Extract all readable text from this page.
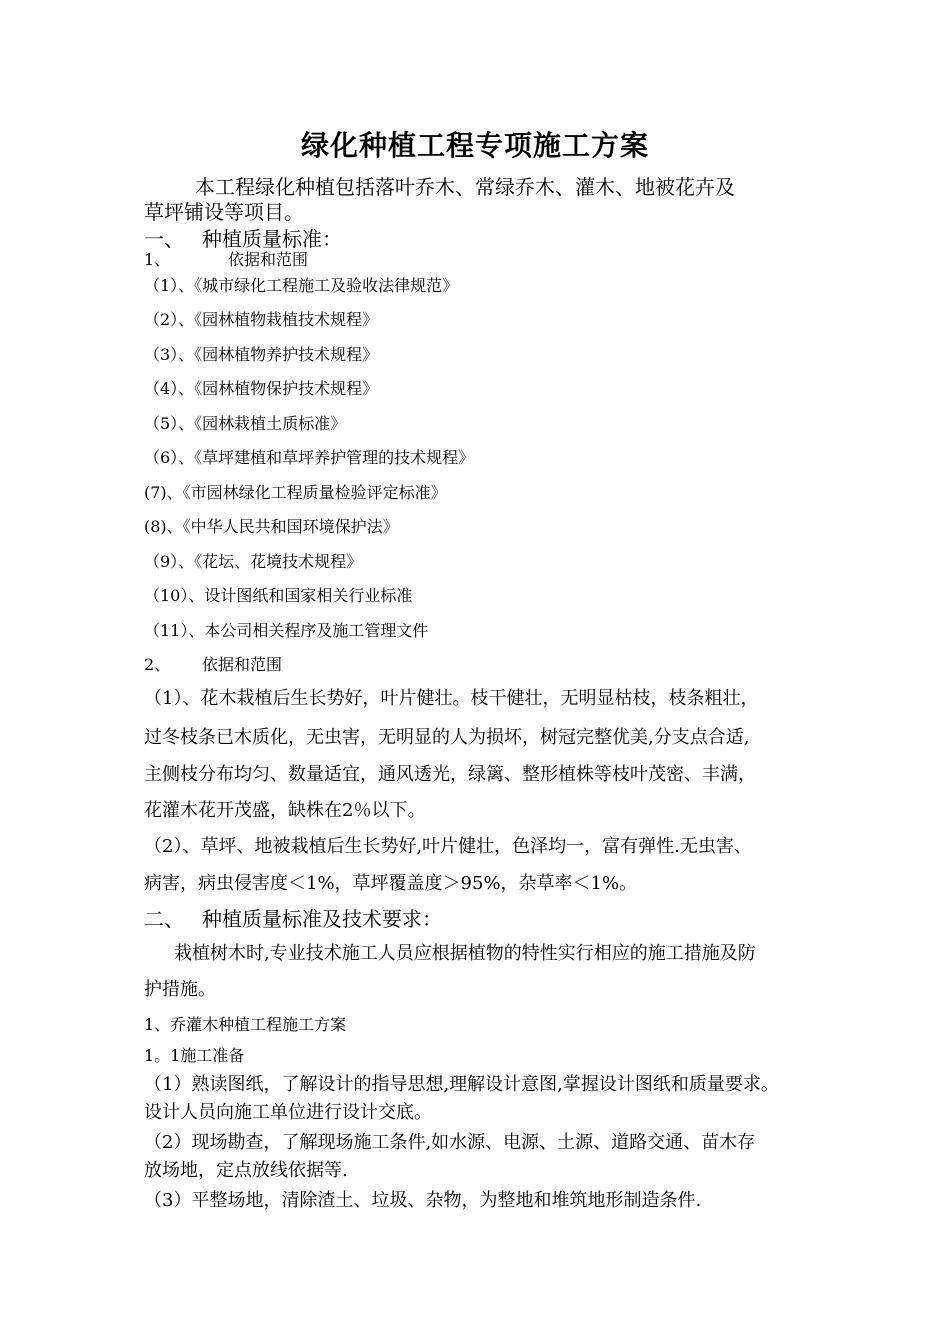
绿化种植工程专项施工方案
本工程绿化种植包括落叶乔木、常绿乔木、灌木、地被花卉及
草坪铺设等项目。
一、 种植质量标准：
1、	依据和范围
（1）、《城市绿化工程施工及验收法律规范》
（2）、《园林植物栽植技术规程》
（3）、《园林植物养护技术规程》
（4）、《园林植物保护技术规程》
（5）、《园林栽植土质标准》
（6）、《草坪建植和草坪养护管理的技术规程》
(7)、《市园林绿化工程质量检验评定标准》
(8)、《中华人民共和国环境保护法》
（9）、《花坛、花境技术规程》
（10）、设计图纸和国家相关行业标准
（11）、本公司相关程序及施工管理文件
2、 依据和范围
（1）、花木栽植后生长势好，叶片健壮。枝干健壮，无明显枯枝，枝条粗壮，
过冬枝条已木质化，无虫害，无明显的人为损坏，树冠完整优美,分支点合适,
主侧枝分布均匀、数量适宜，通风透光，绿篱、整形植株等枝叶茂密、丰满，
花灌木花开茂盛，缺株在2％以下。
（2）、草坪、地被栽植后生长势好,叶片健壮，色泽均一，富有弹性.无虫害、
病害，病虫侵害度＜1%，草坪覆盖度＞95%，杂草率＜1%。
二、 种植质量标准及技术要求：
栽植树木时,专业技术施工人员应根据植物的特性实行相应的施工措施及防
护措施。
1、乔灌木种植工程施工方案
1。1施工准备
（1）熟读图纸，了解设计的指导思想,理解设计意图,掌握设计图纸和质量要求。
设计人员向施工单位进行设计交底。
（2）现场勘查，了解现场施工条件,如水源、电源、土源、道路交通、苗木存
放场地，定点放线依据等.
（3）平整场地，清除渣土、垃圾、杂物，为整地和堆筑地形制造条件.
